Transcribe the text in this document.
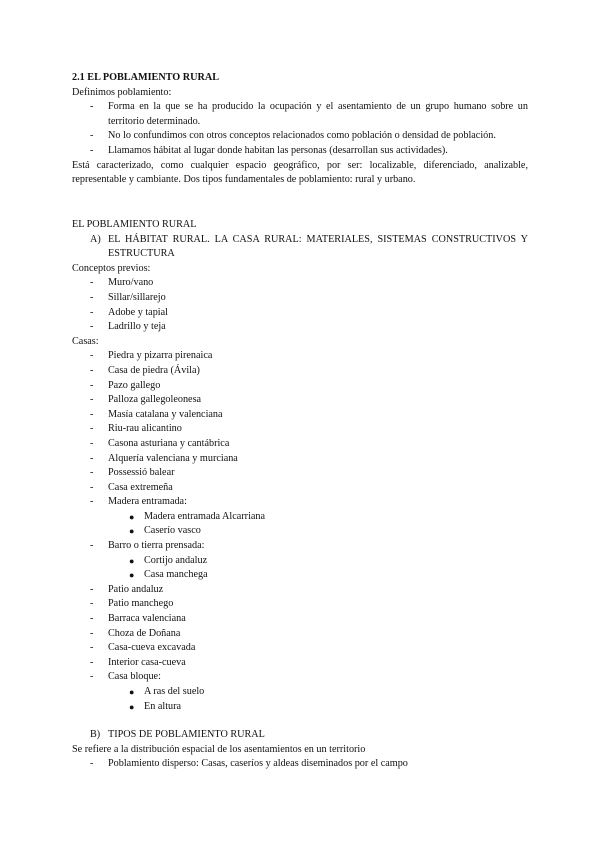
2.1 EL POBLAMIENTO RURAL
Definimos poblamiento:
- Forma en la que se ha producido la ocupación y el asentamiento de un grupo humano sobre un territorio determinado.
- No lo confundimos con otros conceptos relacionados como población o densidad de población.
- Llamamos hábitat al lugar donde habitan las personas (desarrollan sus actividades).
Está caracterizado, como cualquier espacio geográfico, por ser: localizable, diferenciado, analizable, representable y cambiante. Dos tipos fundamentales de poblamiento: rural y urbano.
EL POBLAMIENTO RURAL
A) EL HÁBITAT RURAL. LA CASA RURAL: MATERIALES, SISTEMAS CONSTRUCTIVOS Y ESTRUCTURA
Conceptos previos:
- Muro/vano
- Sillar/sillarejo
- Adobe y tapial
- Ladrillo y teja
Casas:
- Piedra y pizarra pirenaica
- Casa de piedra (Ávila)
- Pazo gallego
- Palloza gallegoleonesa
- Masía catalana y valenciana
- Riu-rau alicantino
- Casona asturiana y cantábrica
- Alquería valenciana y murciana
- Possessió balear
- Casa extremeña
- Madera entramada:
● Madera entramada Alcarriana
● Caserío vasco
- Barro o tierra prensada:
● Cortijo andaluz
● Casa manchega
- Patio andaluz
- Patio manchego
- Barraca valenciana
- Choza de Doñana
- Casa-cueva excavada
- Interior casa-cueva
- Casa bloque:
● A ras del suelo
● En altura
B) TIPOS DE POBLAMIENTO RURAL
Se refiere a la distribución espacial de los asentamientos en un territorio
- Poblamiento disperso: Casas, caseríos y aldeas diseminados por el campo
